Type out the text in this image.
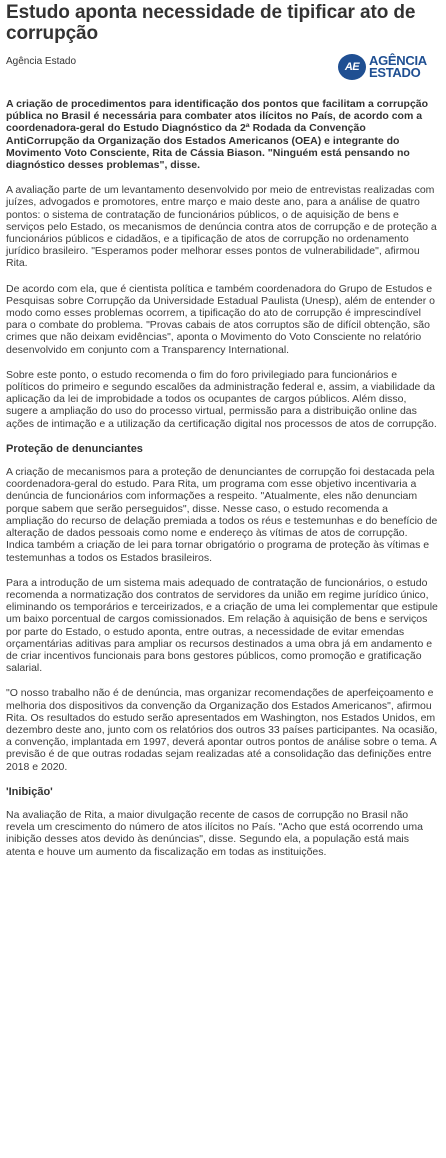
Estudo aponta necessidade de tipificar ato de corrupção
Agência Estado	AE AGÊNCIA
ESTADO

A criação de procedimentos para identificação dos pontos que facilitam a corrupção pública no Brasil é necessária para combater atos ilícitos no País, de acordo com a coordenadora-geral do Estudo Diagnóstico da 2ª Rodada da Convenção AntiCorrupção da Organização dos Estados Americanos (OEA) e integrante do Movimento Voto Consciente, Rita de Cássia Biason. "Ninguém está pensando no diagnóstico desses problemas", disse.

A avaliação parte de um levantamento desenvolvido por meio de entrevistas realizadas com juízes, advogados e promotores, entre março e maio deste ano, para a análise de quatro pontos: o sistema de contratação de funcionários públicos, o de aquisição de bens e serviços pelo Estado, os mecanismos de denúncia contra atos de corrupção e de proteção a funcionários públicos e cidadãos, e a tipificação de atos de corrupção no ordenamento jurídico brasileiro. "Esperamos poder melhorar esses pontos de vulnerabilidade", afirmou Rita.

De acordo com ela, que é cientista política e também coordenadora do Grupo de Estudos e Pesquisas sobre Corrupção da Universidade Estadual Paulista (Unesp), além de entender o modo como esses problemas ocorrem, a tipificação do ato de corrupção é imprescindível para o combate do problema. "Provas cabais de atos corruptos são de difícil obtenção, são crimes que não deixam evidências", aponta o Movimento do Voto Consciente no relatório desenvolvido em conjunto com a Transparency International.

Sobre este ponto, o estudo recomenda o fim do foro privilegiado para funcionários e políticos do primeiro e segundo escalões da administração federal e, assim, a viabilidade da aplicação da lei de improbidade a todos os ocupantes de cargos públicos. Além disso, sugere a ampliação do uso do processo virtual, permissão para a distribuição online das ações de intimação e a utilização da certificação digital nos processos de atos de corrupção.

Proteção de denunciantes

A criação de mecanismos para a proteção de denunciantes de corrupção foi destacada pela coordenadora-geral do estudo. Para Rita, um programa com esse objetivo incentivaria a denúncia de funcionários com informações a respeito. "Atualmente, eles não denunciam porque sabem que serão perseguidos", disse. Nesse caso, o estudo recomenda a ampliação do recurso de delação premiada a todos os réus e testemunhas e do benefício de alteração de dados pessoais como nome e endereço às vítimas de atos de corrupção. Indica também a criação de lei para tornar obrigatório o programa de proteção às vítimas e testemunhas a todos os Estados brasileiros.

Para a introdução de um sistema mais adequado de contratação de funcionários, o estudo recomenda a normatização dos contratos de servidores da união em regime jurídico único, eliminando os temporários e terceirizados, e a criação de uma lei complementar que estipule um baixo porcentual de cargos comissionados. Em relação à aquisição de bens e serviços por parte do Estado, o estudo aponta, entre outras, a necessidade de evitar emendas orçamentárias aditivas para ampliar os recursos destinados a uma obra já em andamento e de criar incentivos funcionais para bons gestores públicos, como promoção e gratificação salarial.

"O nosso trabalho não é de denúncia, mas organizar recomendações de aperfeiçoamento e melhoria dos dispositivos da convenção da Organização dos Estados Americanos", afirmou Rita. Os resultados do estudo serão apresentados em Washington, nos Estados Unidos, em dezembro deste ano, junto com os relatórios dos outros 33 países participantes. Na ocasião, a convenção, implantada em 1997, deverá apontar outros pontos de análise sobre o tema. A previsão é de que outras rodadas sejam realizadas até a consolidação das definições entre 2018 e 2020.

'Inibição'

Na avaliação de Rita, a maior divulgação recente de casos de corrupção no Brasil não revela um crescimento do número de atos ilícitos no País. "Acho que está ocorrendo uma inibição desses atos devido às denúncias", disse. Segundo ela, a população está mais atenta e houve um aumento da fiscalização em todas as instituições.
